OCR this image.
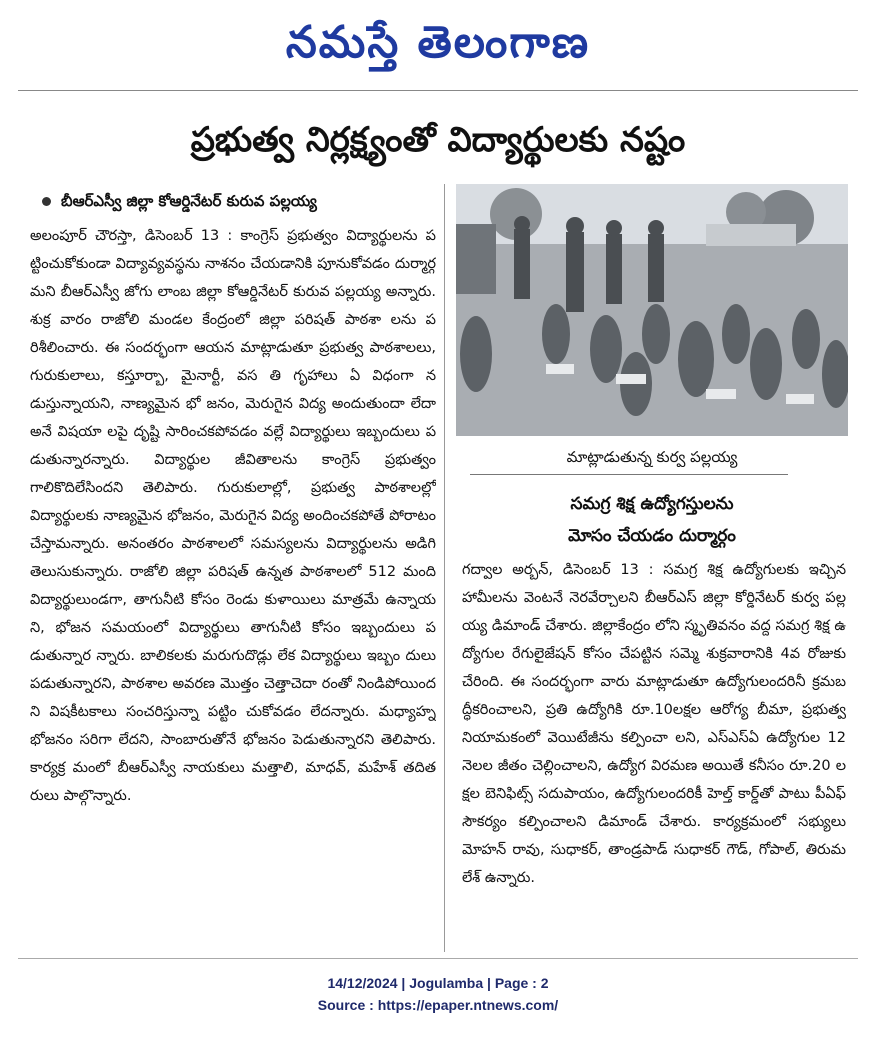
నమస్తే తెలంగాణ
ప్రభుత్వ నిర్లక్ష్యంతో విద్యార్థులకు నష్టం
బీఆర్‌ఎస్వీ జిల్లా కోఆర్డినేటర్ కురువ పల్లయ్య

అలంపూర్ చౌరస్తా, డిసెంబర్ 13 : కాంగ్రెస్ ప్రభుత్వం విద్యార్థులను పట్టించుకోకుండా విద్యావ్యవస్థను నాశనం చేయడానికి పూనుకోవడం దుర్మార్గమని బీఆర్ఎస్వీ జోగు లాంబ జిల్లా కోఆర్డినేటర్ కురువ పల్లయ్య అన్నారు. శుక్ర వారం రాజోలి మండల కేంద్రంలో జిల్లా పరిషత్ పాఠశా లను పరిశీలించారు. ఈ సందర్భంగా ఆయన మాట్లాడుతూ ప్రభుత్వ పాఠశాలలు, గురుకులాలు, కస్తూర్బా, మైనార్టీ, వస తి గృహాలు ఏ విధంగా నడుస్తున్నాయని, నాణ్యమైన భో జనం, మెరుగైన విద్య అందుతుందా లేదా అనే విషయా లపై దృష్టి సారించకపోవడం వల్లే విద్యార్థులు ఇబ్బందులు పడుతున్నారన్నారు. విద్యార్థుల జీవితాలను కాంగ్రెస్ ప్రభుత్వం గాలికొదిలేసిందని తెలిపారు. గురుకులాల్లో, ప్రభుత్వ పాఠశాలల్లో విద్యార్థులకు నాణ్యమైన భోజనం, మెరుగైన విద్య అందించకపోతే పోరాటం చేస్తామన్నారు. అనంతరం పాఠశాలలో సమస్యలను విద్యార్థులను అడిగి తెలుసుకున్నారు. రాజోలి జిల్లా పరిషత్ ఉన్నత పాఠశాలలో 512 మంది విద్యార్థులుండగా, తాగునీటి కోసం రెండు కుళాయిలు మాత్రమే ఉన్నాయని, భోజన సమయంలో విద్యార్థులు తాగునీటి కోసం ఇబ్బందులు పడుతున్నార న్నారు. బాలికలకు మరుగుదొడ్లు లేక విద్యార్థులు ఇబ్బం దులు పడుతున్నారని, పాఠశాల అవరణ మొత్తం చెత్తాచెదా రంతో నిండిపోయిందని విషకీటకాలు సంచరిస్తున్నా పట్టిం చుకోవడం లేదన్నారు. మధ్యాహ్న భోజనం సరిగా లేదని, సాంబారుతోనే భోజనం పెడుతున్నారని తెలిపారు. కార్యక్ర మంలో బీఆర్ఎస్వీ నాయకులు మత్తాలి, మాధవ్, మహేశ్ తదితరులు పాల్గొన్నారు.

మాట్లాడుతున్న కుర్వ పల్లయ్య
సమగ్ర శిక్ష ఉద్యోగస్తులను
మోసం చేయడం దుర్మార్గం

గద్వాల అర్బన్, డిసెంబర్ 13 : సమగ్ర శిక్ష ఉద్యోగులకు ఇచ్చిన హామీలను వెంటనే నెరవేర్చాలని బీఆర్ఎస్ జిల్లా కోర్డినేటర్ కుర్వ పల్లయ్య డిమాండ్ చేశారు. జిల్లాకేంద్రం లోని స్మృతివనం వద్ద సమగ్ర శిక్ష ఉద్యోగుల రేగులైజేషన్ కోసం చేపట్టిన సమ్మె శుక్రవారానికి 4వ రోజుకు చేరింది. ఈ సందర్భంగా వారు మాట్లాడుతూ ఉద్యోగులందరినీ క్రమబద్ధీకరించాలని, ప్రతి ఉద్యోగికి రూ.10లక్షల ఆరోగ్య బీమా, ప్రభుత్వ నియామకంలో వెయిటేజీను కల్పించా లని, ఎస్ఎస్ఏ ఉద్యోగుల 12నెలల జీతం చెల్లించాలని, ఉద్యోగ విరమణ అయితే కనీసం రూ.20 లక్షల బెనిఫిట్స్ సదుపాయం, ఉద్యోగులందరికీ హెల్త్ కార్డ్‌తో పాటు పీఏఫ్ సౌకర్యం కల్పించాలని డిమాండ్ చేశారు. కార్యక్రమంలో సభ్యులు మోహన్ రావు, సుధాకర్, తాండ్రపాడ్ సుధాకర్ గౌడ్, గోపాల్, తిరుమలేశ్ ఉన్నారు.

14/12/2024 | Jogulamba | Page : 2
Source : https://epaper.ntnews.com/
